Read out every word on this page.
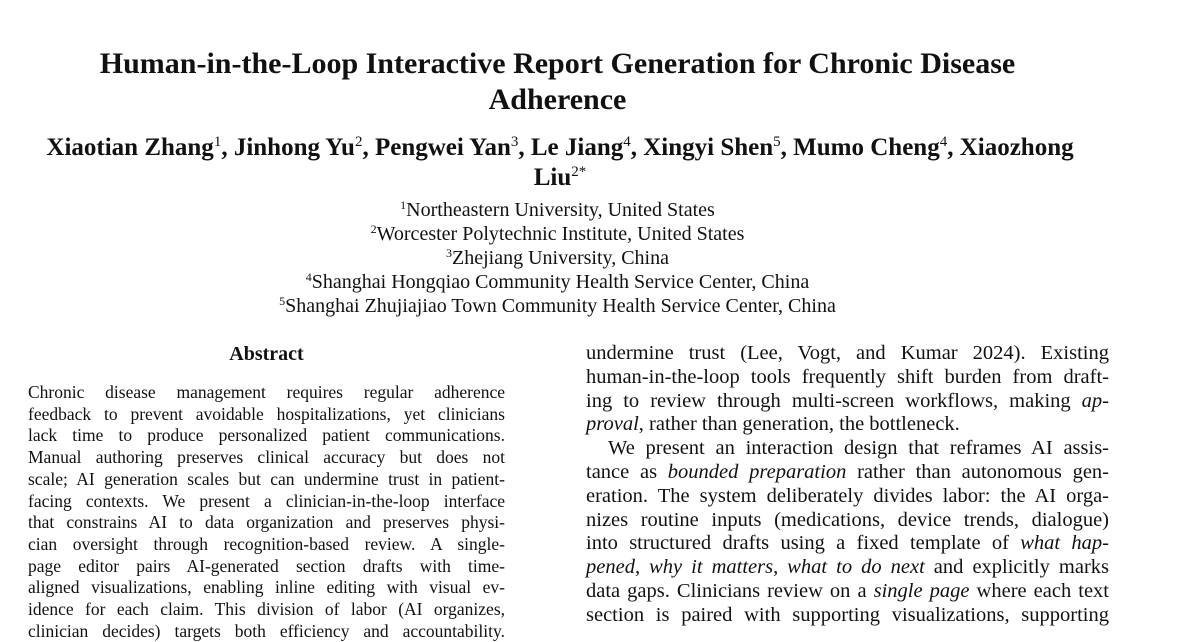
Human-in-the-Loop Interactive Report Generation for Chronic Disease
Adherence
Xiaotian Zhang$^1$, Jinhong Yu$^2$, Pengwei Yan$^3$, Le Jiang$^4$, Xingyi Shen$^5$, Mumo Cheng$^4$, Xiaozhong
Liu$^{2*}$
$^1$Northeastern University, United States
$^2$Worcester Polytechnic Institute, United States
$^3$Zhejiang University, China
$^4$Shanghai Hongqiao Community Health Service Center, China
$^5$Shanghai Zhujiajiao Town Community Health Service Center, China
Abstract
Chronic disease management requires regular adherence
feedback to prevent avoidable hospitalizations, yet clinicians
lack time to produce personalized patient communications.
Manual authoring preserves clinical accuracy but does not
scale; AI generation scales but can undermine trust in patient-
facing contexts. We present a clinician-in-the-loop interface
that constrains AI to data organization and preserves physi-
cian oversight through recognition-based review. A single-
page editor pairs AI-generated section drafts with time-
aligned visualizations, enabling inline editing with visual ev-
idence for each claim. This division of labor (AI organizes,
clinician decides) targets both efficiency and accountability.

undermine trust (Lee, Vogt, and Kumar 2024). Existing
human-in-the-loop tools frequently shift burden from draft-
ing to review through multi-screen workflows, making ap-
proval, rather than generation, the bottleneck.

We present an interaction design that reframes AI assis-
tance as bounded preparation rather than autonomous gen-
eration. The system deliberately divides labor: the AI orga-
nizes routine inputs (medications, device trends, dialogue)
into structured drafts using a fixed template of what hap-
pened, why it matters, what to do next and explicitly marks
data gaps. Clinicians review on a single page where each text
section is paired with supporting visualizations, supporting
